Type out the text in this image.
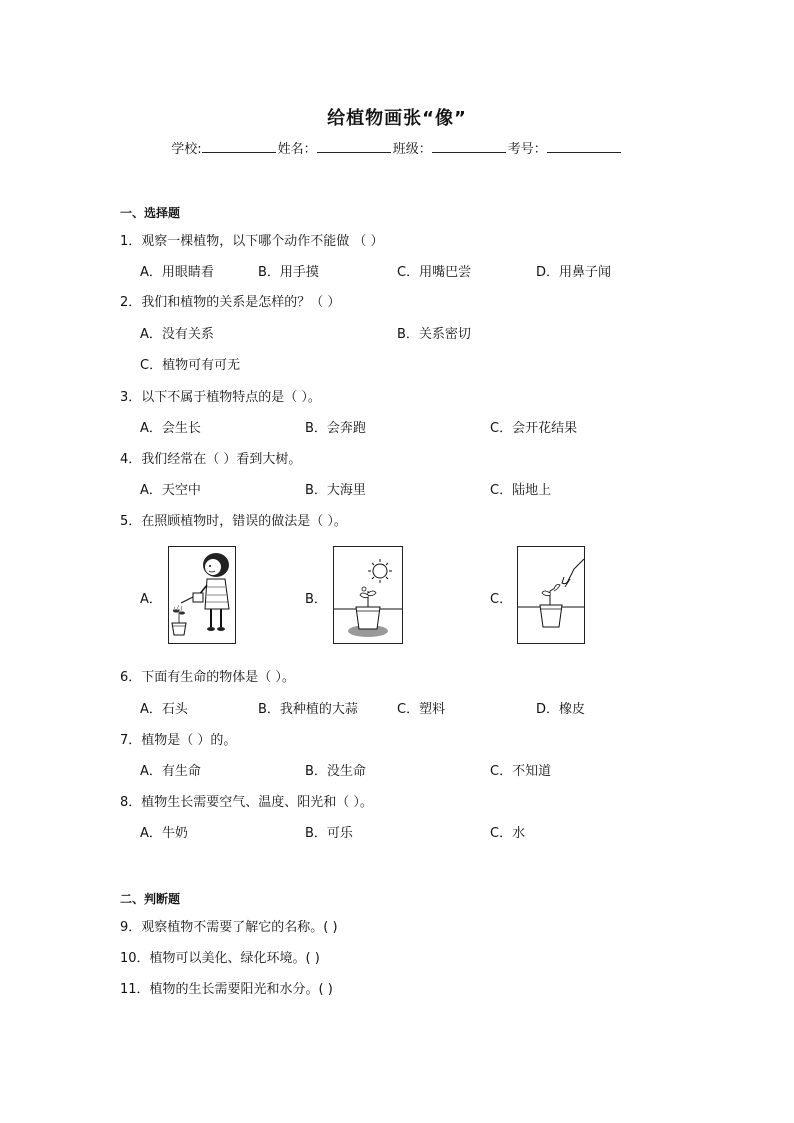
给植物画张“像”
学校:	姓名：	班级：	考号：
一、选择题
1．观察一棵植物，以下哪个动作不能做 （ ）
A．用眼睛看	B．用手摸	C．用嘴巴尝	D．用鼻子闻
2．我们和植物的关系是怎样的？（ ）
A．没有关系	B．关系密切
C．植物可有可无
3．以下不属于植物特点的是（ ）。
A．会生长	B．会奔跑	C．会开花结果
4．我们经常在（ ）看到大树。
A．天空中	B．大海里	C．陆地上
5．在照顾植物时，错误的做法是（ ）。
A．	B．	C．
6．下面有生命的物体是（ ）。
A．石头	B．我种植的大蒜	C．塑料	D．橡皮
7．植物是（ ）的。
A．有生命	B．没生命	C．不知道
8．植物生长需要空气、温度、阳光和（ ）。
A．牛奶	B．可乐	C．水
二、判断题
9．观察植物不需要了解它的名称。( )
10．植物可以美化、绿化环境。( )
11．植物的生长需要阳光和水分。( )
